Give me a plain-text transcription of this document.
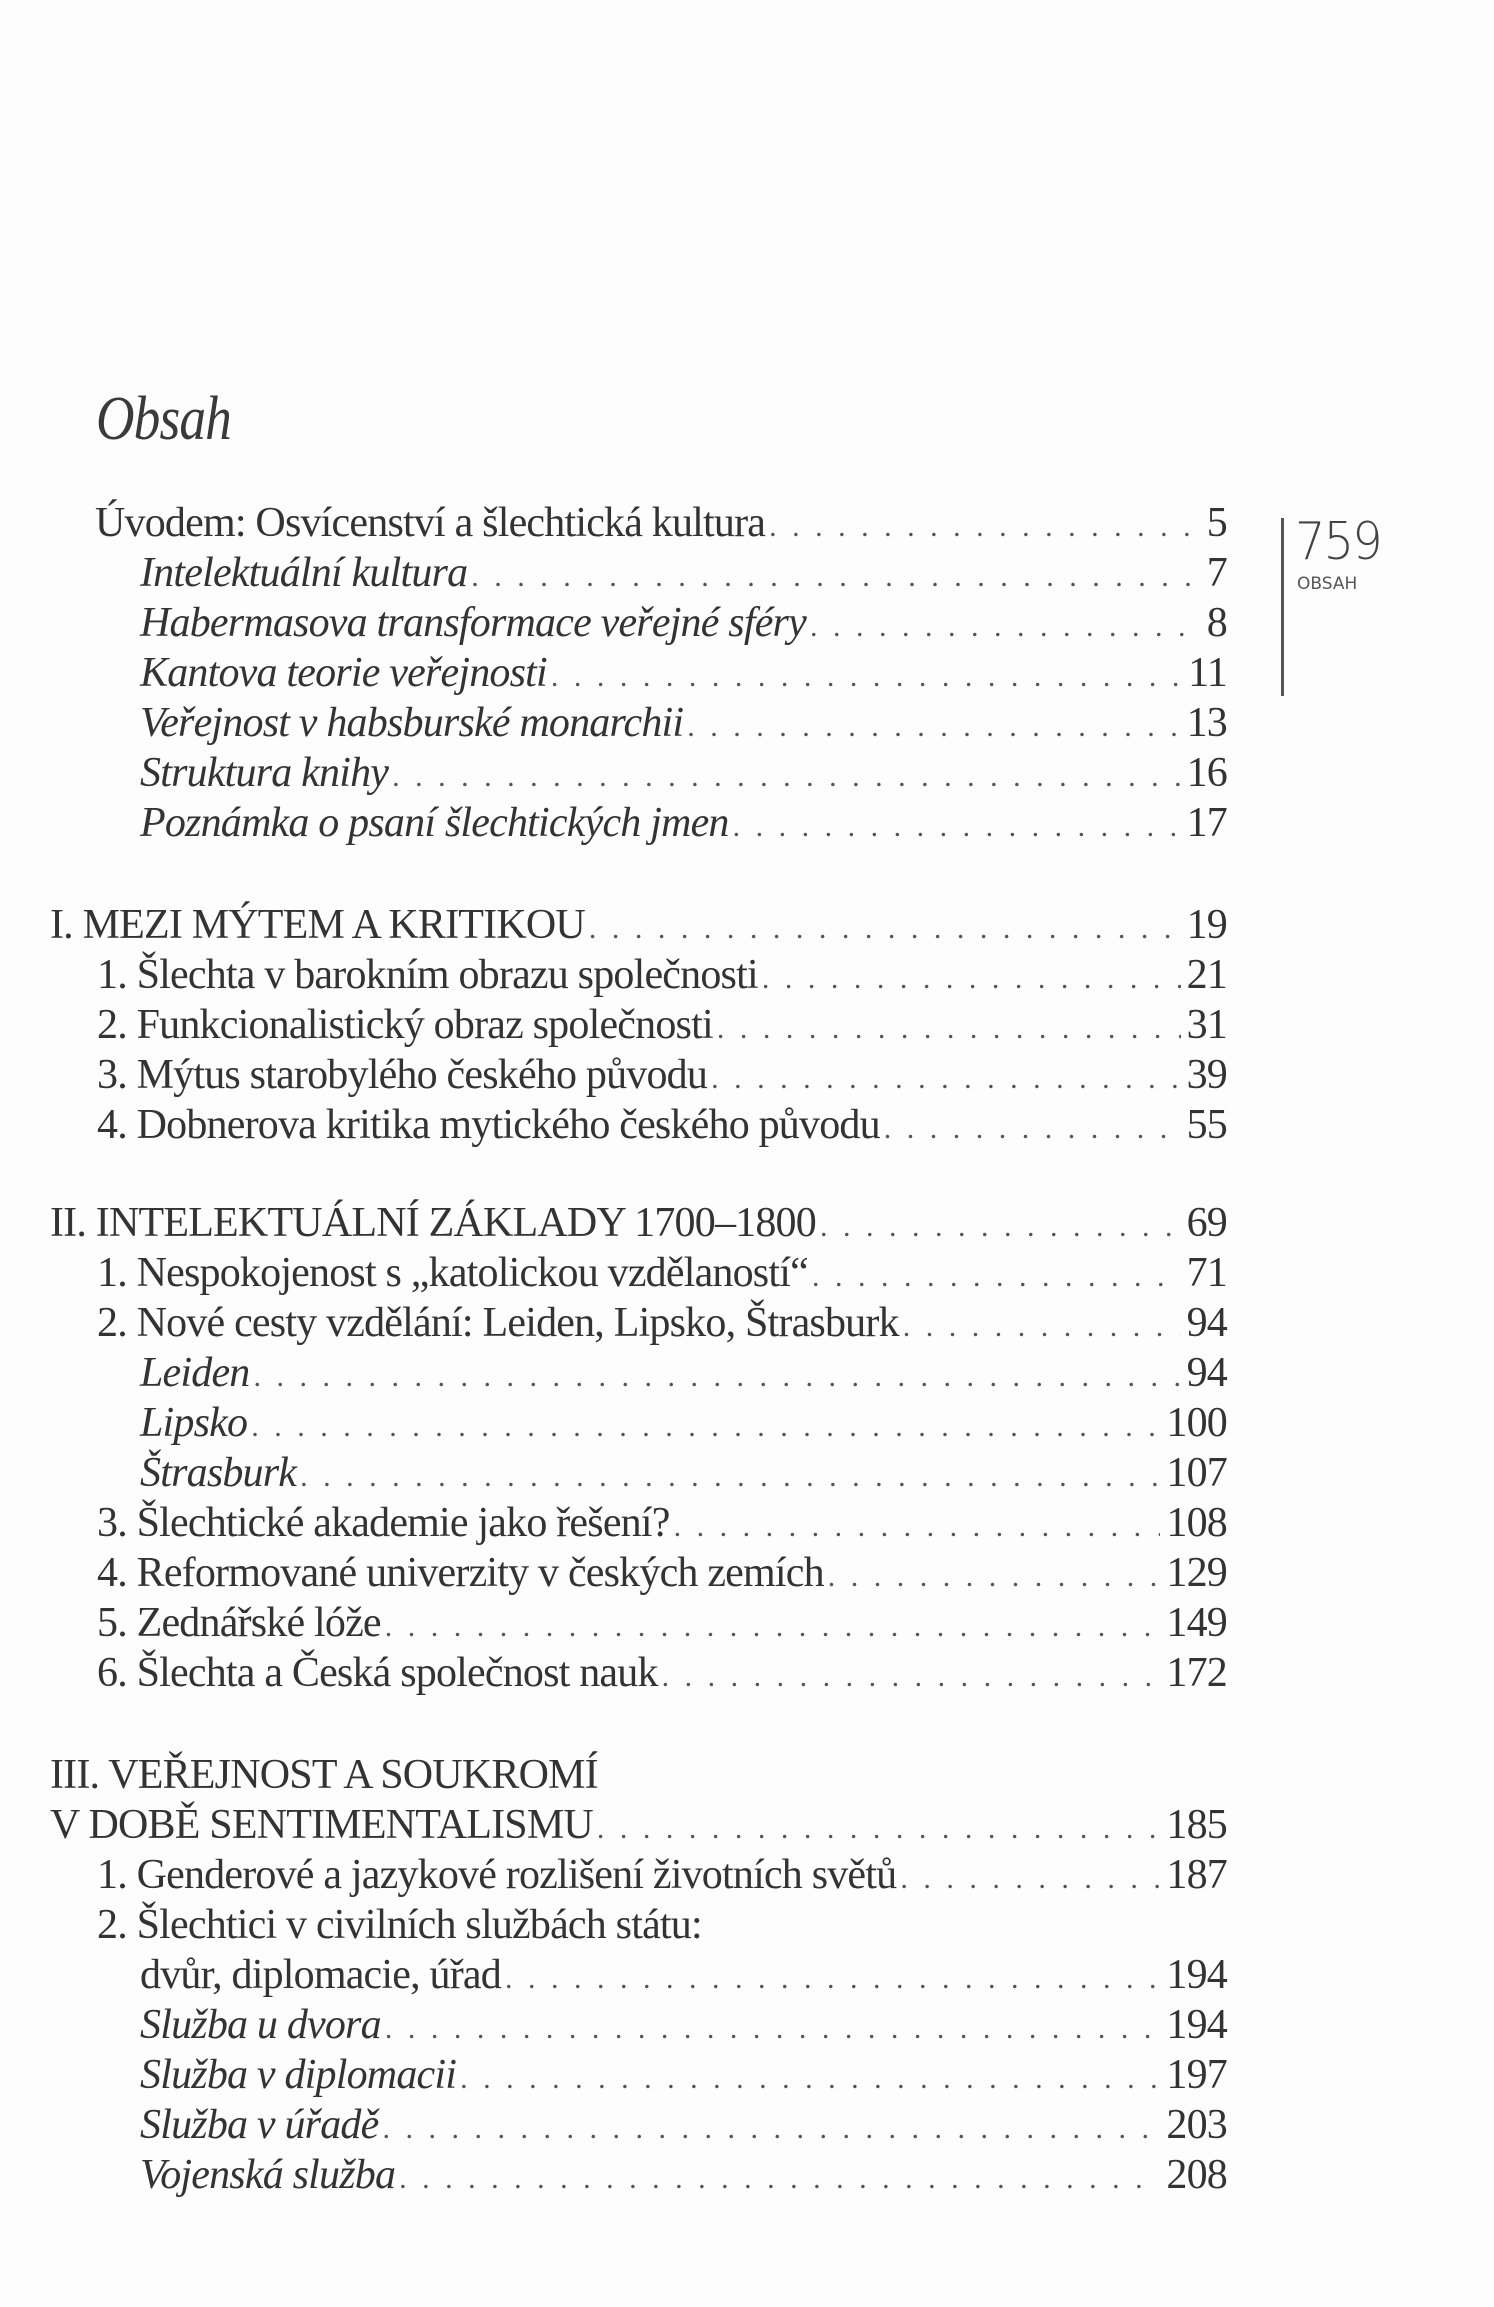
Obsah
759
OBSAH
Úvodem: Osvícenství a šlechtická kultura . . .	5
Intelektuální kultura . . .	7
Habermasova transformace veřejné sféry . . .	8
Kantova teorie veřejnosti . . .	11
Veřejnost v habsburské monarchii . . .	13
Struktura knihy . . .	16
Poznámka o psaní šlechtických jmen . . .	17
I. MEZI MÝTEM A KRITIKOU . . .	19
1. Šlechta v barokním obrazu společnosti . . .	21
2. Funkcionalistický obraz společnosti . . .	31
3. Mýtus starobylého českého původu . . .	39
4. Dobnerova kritika mytického českého původu . . .	55
II. INTELEKTUÁLNÍ ZÁKLADY 1700–1800 . . .	69
1. Nespokojenost s „katolickou vzdělaností“ . . .	71
2. Nové cesty vzdělání: Leiden, Lipsko, Štrasburk . . .	94
Leiden . . .	94
Lipsko . . .	100
Štrasburk . . .	107
3. Šlechtické akademie jako řešení? . . .	108
4. Reformované univerzity v českých zemích . . .	129
5. Zednářské lóže . . .	149
6. Šlechta a Česká společnost nauk . . .	172
III. VEŘEJNOST A SOUKROMÍ
V DOBĚ SENTIMENTALISMU . . .	185
1. Genderové a jazykové rozlišení životních světů . . .	187
2. Šlechtici v civilních službách státu:
dvůr, diplomacie, úřad . . .	194
Služba u dvora . . .	194
Služba v diplomacii . . .	197
Služba v úřadě . . .	203
Vojenská služba . . .	208
